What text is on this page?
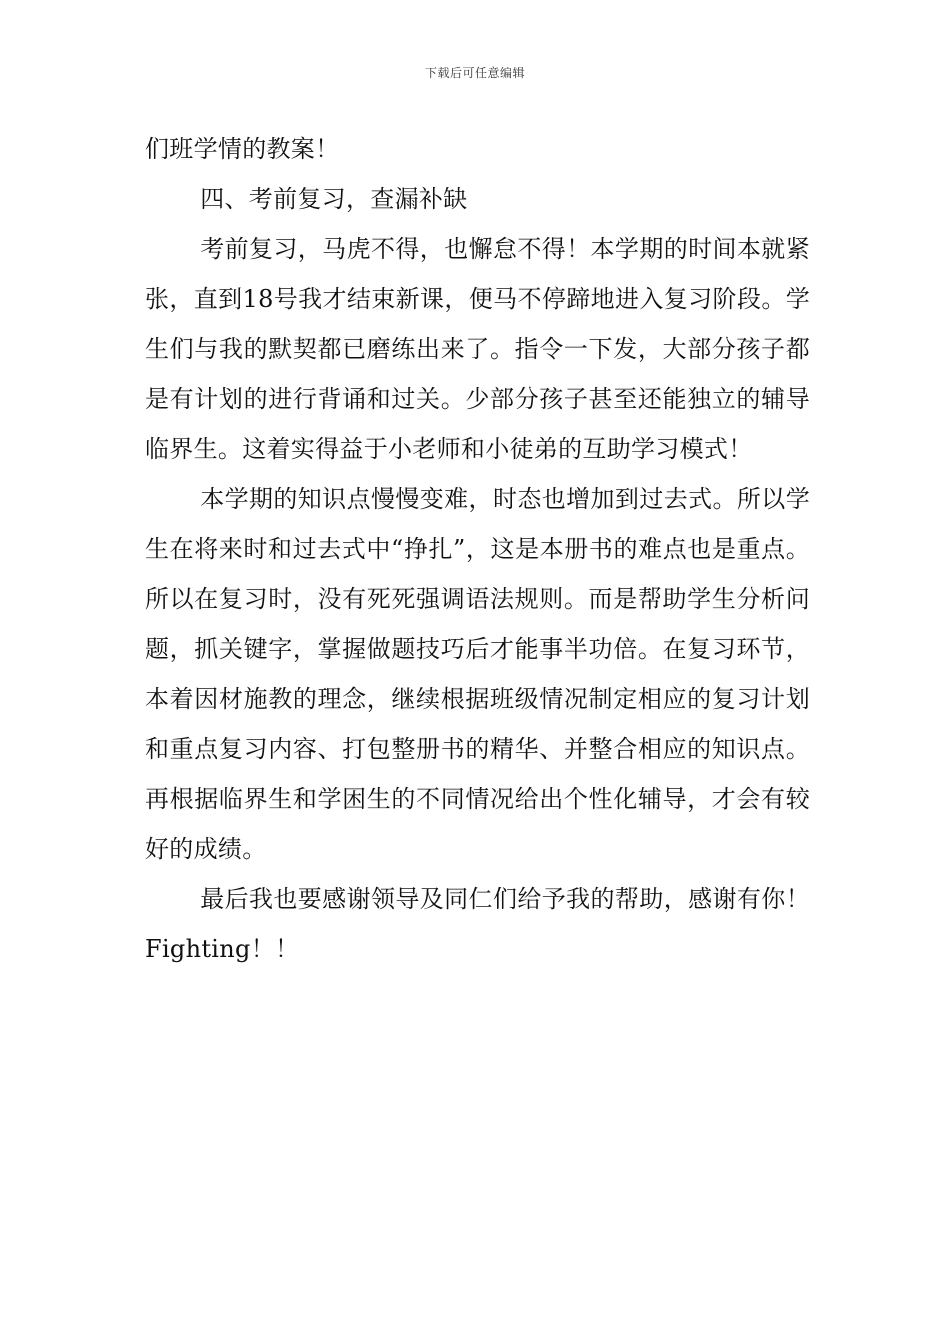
下载后可任意编辑

们班学情的教案！

四、考前复习，查漏补缺

考前复习，马虎不得，也懈怠不得！本学期的时间本就紧张，直到18号我才结束新课，便马不停蹄地进入复习阶段。学生们与我的默契都已磨练出来了。指令一下发，大部分孩子都是有计划的进行背诵和过关。少部分孩子甚至还能独立的辅导临界生。这着实得益于小老师和小徒弟的互助学习模式！

本学期的知识点慢慢变难，时态也增加到过去式。所以学生在将来时和过去式中“挣扎”，这是本册书的难点也是重点。所以在复习时，没有死死强调语法规则。而是帮助学生分析问题，抓关键字，掌握做题技巧后才能事半功倍。在复习环节，本着因材施教的理念，继续根据班级情况制定相应的复习计划和重点复习内容、打包整册书的精华、并整合相应的知识点。再根据临界生和学困生的不同情况给出个性化辅导，才会有较好的成绩。

最后我也要感谢领导及同仁们给予我的帮助，感谢有你！Fighting！！
